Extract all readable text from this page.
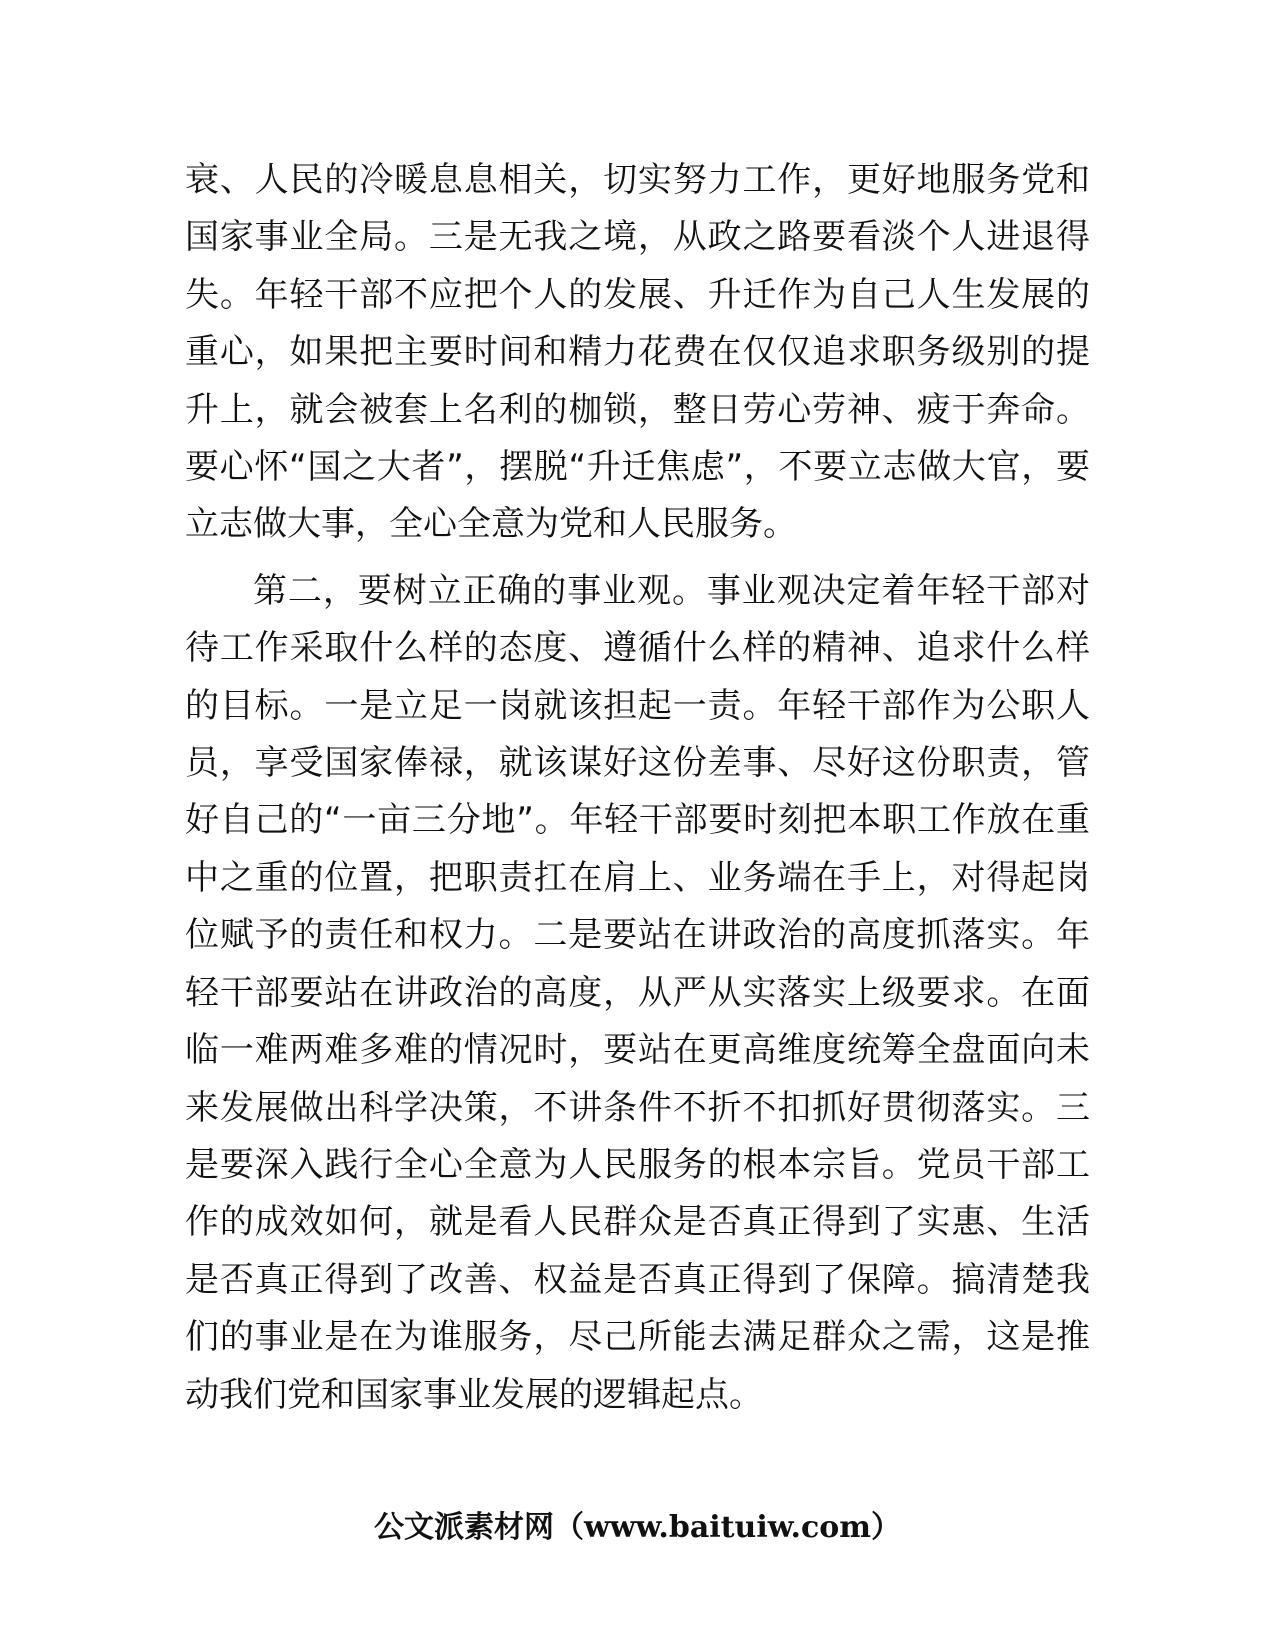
衰、人民的冷暖息息相关，切实努力工作，更好地服务党和国家事业全局。三是无我之境，从政之路要看淡个人进退得失。年轻干部不应把个人的发展、升迁作为自己人生发展的重心，如果把主要时间和精力花费在仅仅追求职务级别的提升上，就会被套上名利的枷锁，整日劳心劳神、疲于奔命。要心怀“国之大者”，摆脱“升迁焦虑”，不要立志做大官，要立志做大事，全心全意为党和人民服务。

第二，要树立正确的事业观。事业观决定着年轻干部对待工作采取什么样的态度、遵循什么样的精神、追求什么样的目标。一是立足一岗就该担起一责。年轻干部作为公职人员，享受国家俸禄，就该谋好这份差事、尽好这份职责，管好自己的“一亩三分地”。年轻干部要时刻把本职工作放在重中之重的位置，把职责扛在肩上、业务端在手上，对得起岗位赋予的责任和权力。二是要站在讲政治的高度抓落实。年轻干部要站在讲政治的高度，从严从实落实上级要求。在面临一难两难多难的情况时，要站在更高维度统筹全盘面向未来发展做出科学决策，不讲条件不折不扣抓好贯彻落实。三是要深入践行全心全意为人民服务的根本宗旨。党员干部工作的成效如何，就是看人民群众是否真正得到了实惠、生活是否真正得到了改善、权益是否真正得到了保障。搞清楚我们的事业是在为谁服务，尽己所能去满足群众之需，这是推动我们党和国家事业发展的逻辑起点。

公文派素材网（www.baituiw.com）
